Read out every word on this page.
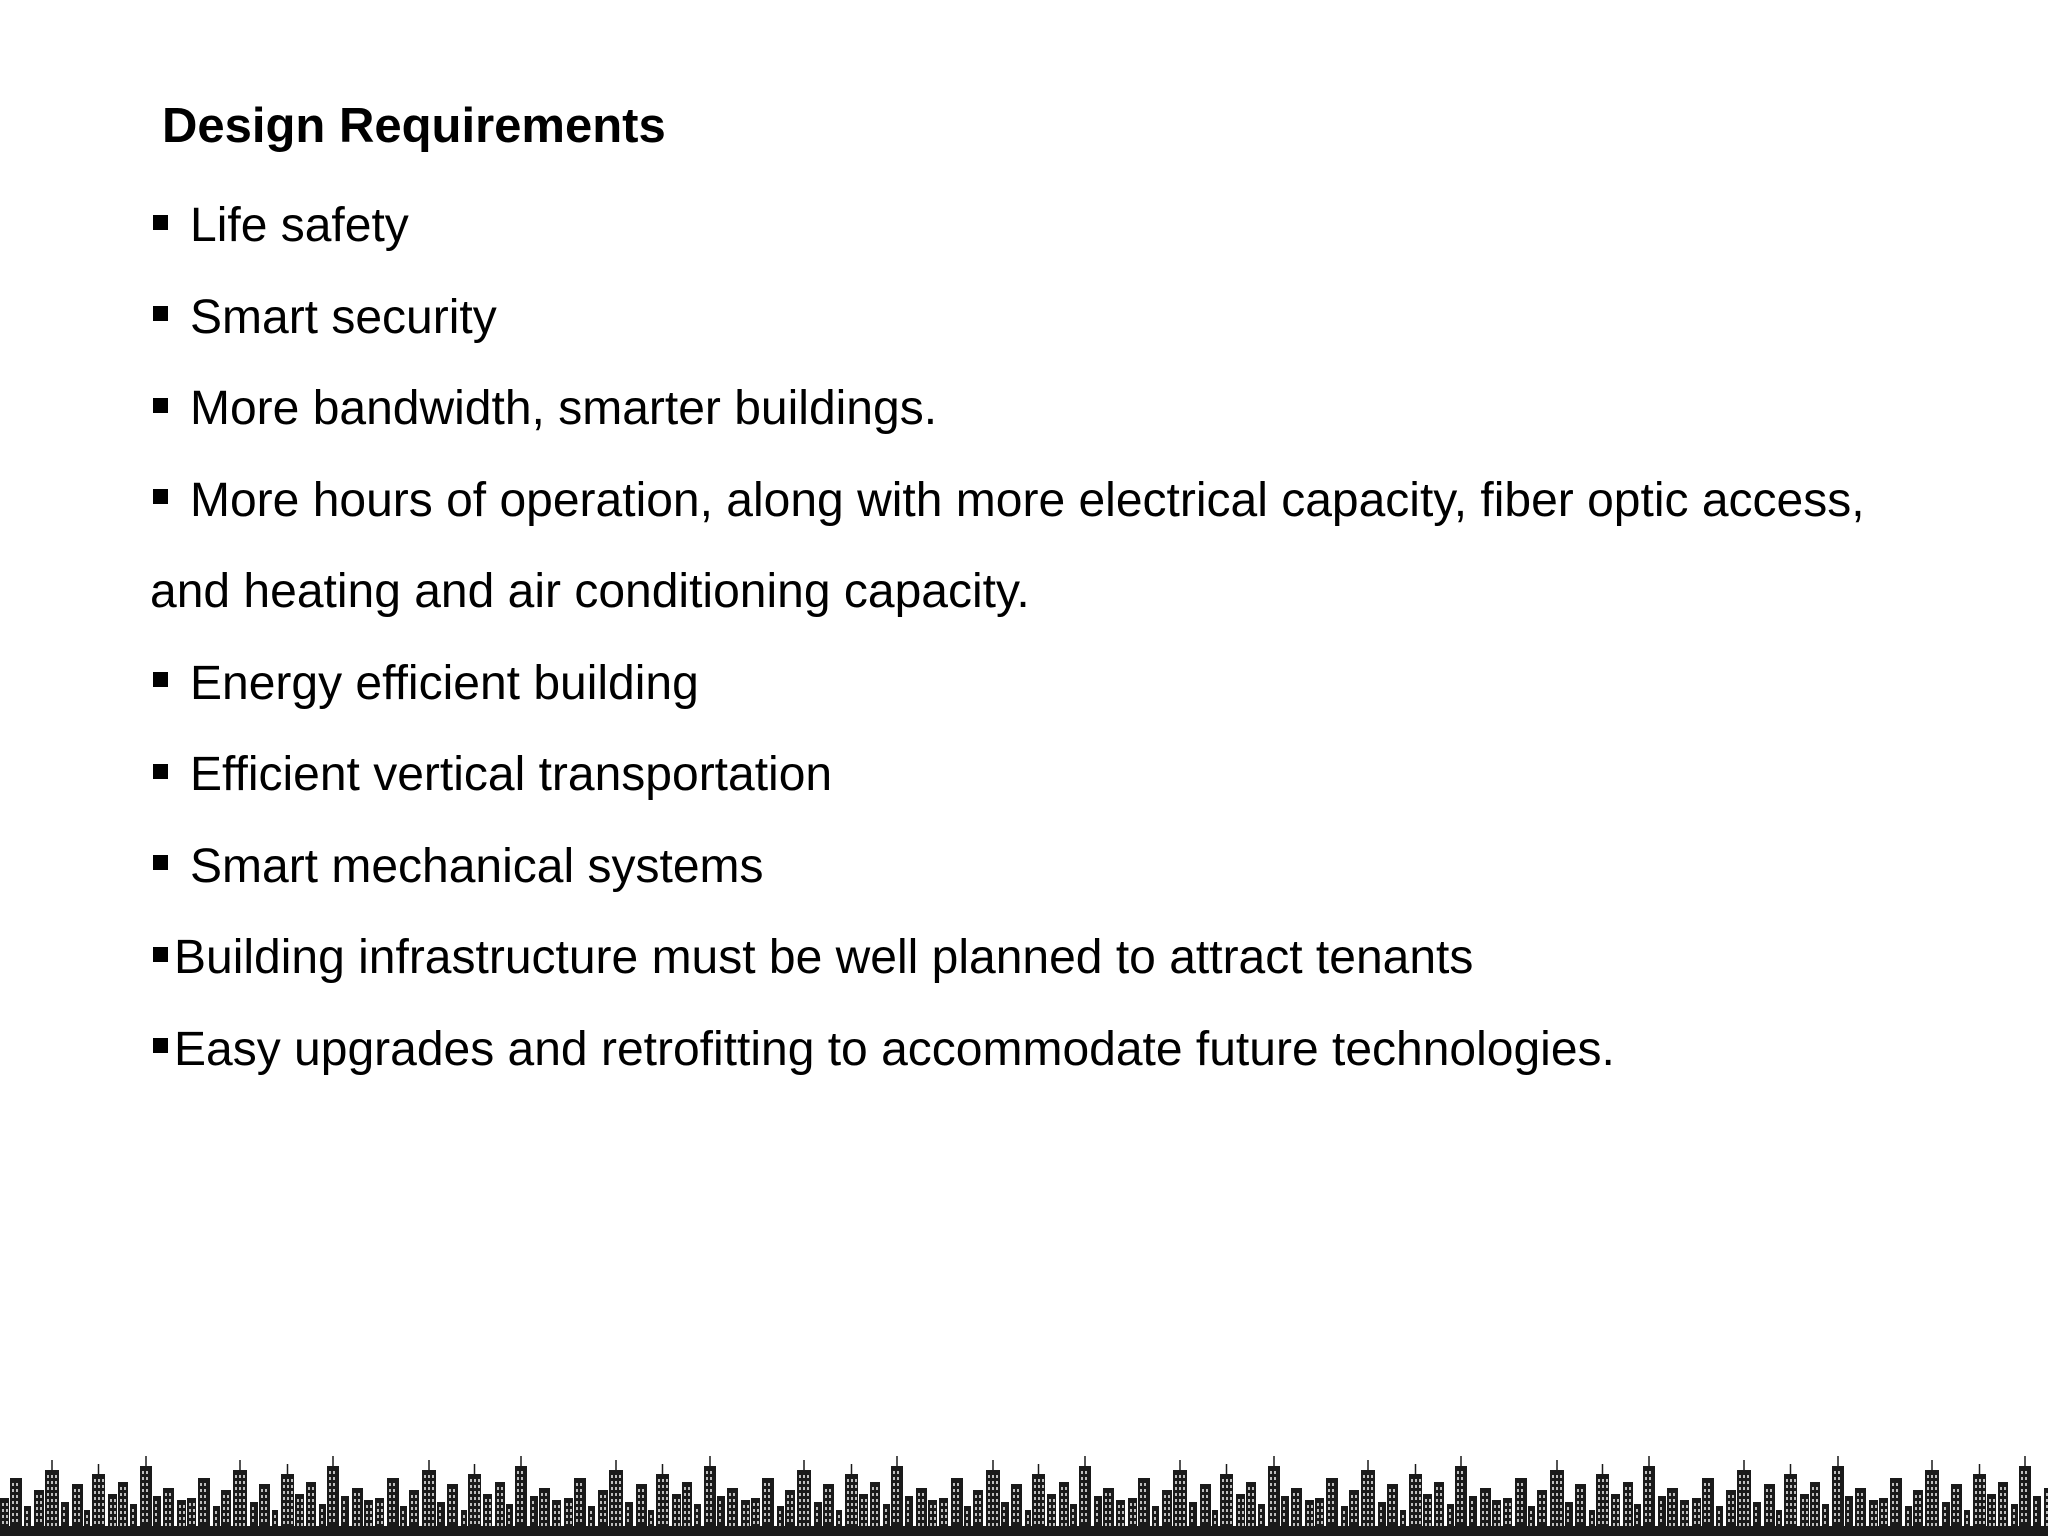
Design Requirements
Life safety
Smart security
More bandwidth, smarter buildings.
More hours of operation, along with more electrical capacity, fiber optic access,
and heating and air conditioning capacity.
Energy efficient building
Efficient vertical transportation
Smart mechanical systems
Building infrastructure must be well planned to attract tenants
Easy upgrades and retrofitting to accommodate future technologies.
